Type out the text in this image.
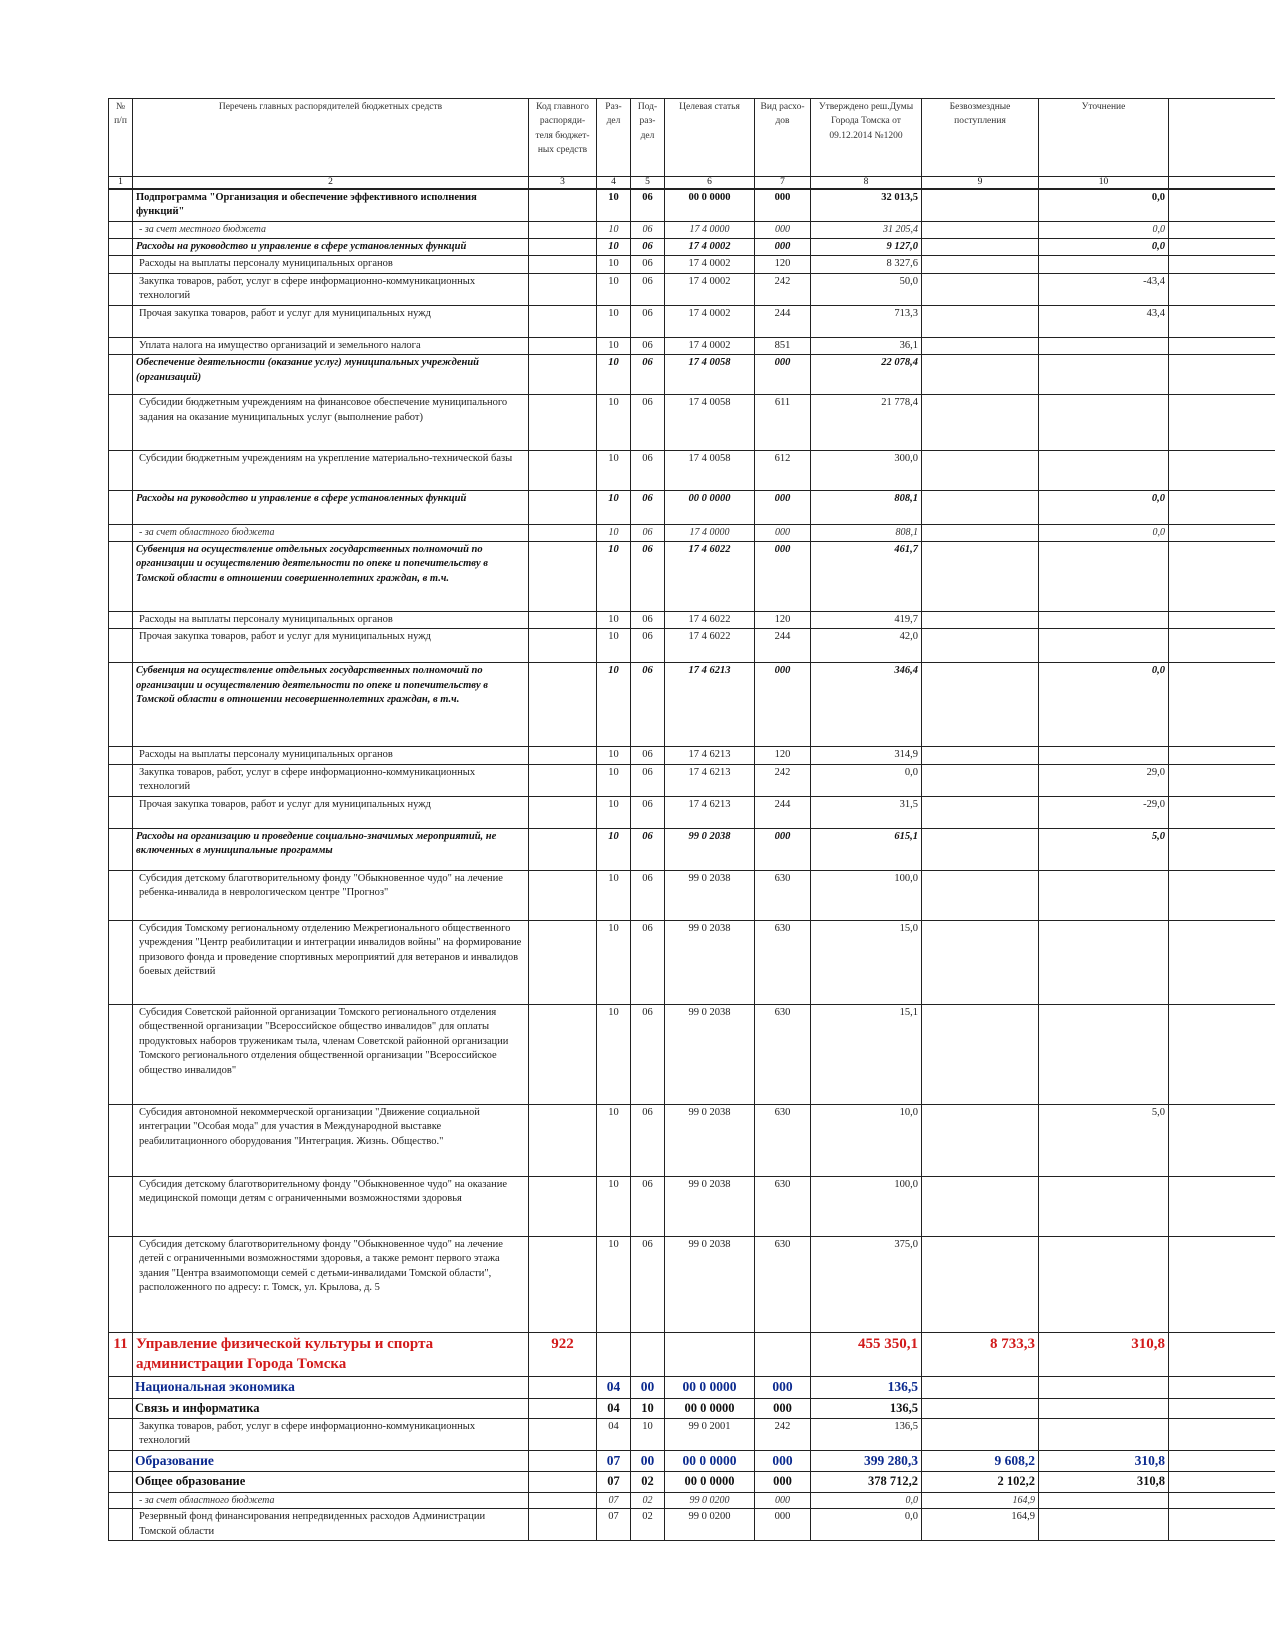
№ п/п	Перечень главных распорядителей бюджетных средств	Код главного распоряди-теля бюджет-ных средств	Раз-дел	Под-раз-дел	Целевая статья	Вид расхо-дов	Утверждено реш.Думы Города Томска от 09.12.2014 №1200	Безвозмездные поступления	Уточнение	
1	2	3	4	5	6	7	8	9	10	
	Подпрограмма "Организация и обеспечение эффективного исполнения функций"		10	06	00 0 0000	000	32 013,5		0,0	
	- за счет местного бюджета		10	06	17 4 0000	000	31 205,4		0,0	
	Расходы на руководство и управление в сфере установленных функций		10	06	17 4 0002	000	9 127,0		0,0	
	Расходы на выплаты персоналу муниципальных органов		10	06	17 4 0002	120	8 327,6			
	Закупка товаров, работ, услуг в сфере информационно-коммуникационных технологий		10	06	17 4 0002	242	50,0		-43,4	
	Прочая закупка товаров, работ и услуг для муниципальных нужд		10	06	17 4 0002	244	713,3		43,4	
	Уплата налога на имущество организаций и земельного налога		10	06	17 4 0002	851	36,1			
	Обеспечение деятельности (оказание услуг) муниципальных учреждений (организаций)		10	06	17 4 0058	000	22 078,4			
	Субсидии бюджетным учреждениям на финансовое обеспечение муниципального задания на оказание муниципальных услуг (выполнение работ)		10	06	17 4 0058	611	21 778,4			
	Субсидии бюджетным учреждениям на укрепление материально-технической базы		10	06	17 4 0058	612	300,0			
	Расходы на руководство и управление в сфере установленных функций		10	06	00 0 0000	000	808,1		0,0	
	- за счет областного бюджета		10	06	17 4 0000	000	808,1		0,0	
	Субвенция на осуществление отдельных государственных полномочий по организации и осуществлению деятельности по опеке и попечительству в Томской области в отношении совершеннолетних граждан, в т.ч.		10	06	17 4 6022	000	461,7			
	Расходы на выплаты персоналу муниципальных органов		10	06	17 4 6022	120	419,7			
	Прочая закупка товаров, работ и услуг для муниципальных нужд		10	06	17 4 6022	244	42,0			
	Субвенция на осуществление отдельных государственных полномочий по организации и осуществлению деятельности по опеке и попечительству в Томской области в отношении несовершеннолетних граждан, в т.ч.		10	06	17 4 6213	000	346,4		0,0	
	Расходы на выплаты персоналу муниципальных органов		10	06	17 4 6213	120	314,9			
	Закупка товаров, работ, услуг в сфере информационно-коммуникационных технологий		10	06	17 4 6213	242	0,0		29,0	
	Прочая закупка товаров, работ и услуг для муниципальных нужд		10	06	17 4 6213	244	31,5		-29,0	
	Расходы на организацию и проведение социально-значимых мероприятий, не включенных в муниципальные программы		10	06	99 0 2038	000	615,1		5,0	
	Субсидия детскому благотворительному фонду "Обыкновенное чудо" на лечение ребенка-инвалида в неврологическом центре "Прогноз"		10	06	99 0 2038	630	100,0			
	Субсидия Томскому региональному отделению Межрегионального общественного учреждения "Центр реабилитации и интеграции инвалидов войны" на формирование призового фонда и проведение спортивных мероприятий для ветеранов и инвалидов боевых действий		10	06	99 0 2038	630	15,0			
	Субсидия Советской районной организации Томского регионального отделения общественной организации "Всероссийское общество инвалидов" для оплаты продуктовых наборов труженикам тыла, членам Советской районной организации Томского регионального отделения общественной организации "Всероссийское общество инвалидов"		10	06	99 0 2038	630	15,1			
	Субсидия автономной некоммерческой организации "Движение социальной интеграции "Особая мода" для участия в Международной выставке реабилитационного оборудования "Интеграция. Жизнь. Общество."		10	06	99 0 2038	630	10,0		5,0	
	Субсидия детскому благотворительному фонду "Обыкновенное чудо" на оказание медицинской помощи детям с ограниченными возможностями здоровья		10	06	99 0 2038	630	100,0			
	Субсидия детскому благотворительному фонду "Обыкновенное чудо" на лечение детей с ограниченными возможностями здоровья, а также ремонт первого этажа здания "Центра взаимопомощи семей с детьми-инвалидами Томской области", расположенного по адресу: г. Томск, ул. Крылова, д. 5		10	06	99 0 2038	630	375,0			
11	Управление физической культуры и спорта администрации Города Томска	922					455 350,1	8 733,3	310,8	
	Национальная экономика		04	00	00 0 0000	000	136,5			
	Связь и информатика		04	10	00 0 0000	000	136,5			
	Закупка товаров, работ, услуг в сфере информационно-коммуникационных технологий		04	10	99 0 2001	242	136,5			
	Образование		07	00	00 0 0000	000	399 280,3	9 608,2	310,8	
	Общее образование		07	02	00 0 0000	000	378 712,2	2 102,2	310,8	
	- за счет областного бюджета		07	02	99 0 0200	000	0,0	164,9		
	Резервный фонд финансирования непредвиденных расходов Администрации Томской области		07	02	99 0 0200	000	0,0	164,9		
